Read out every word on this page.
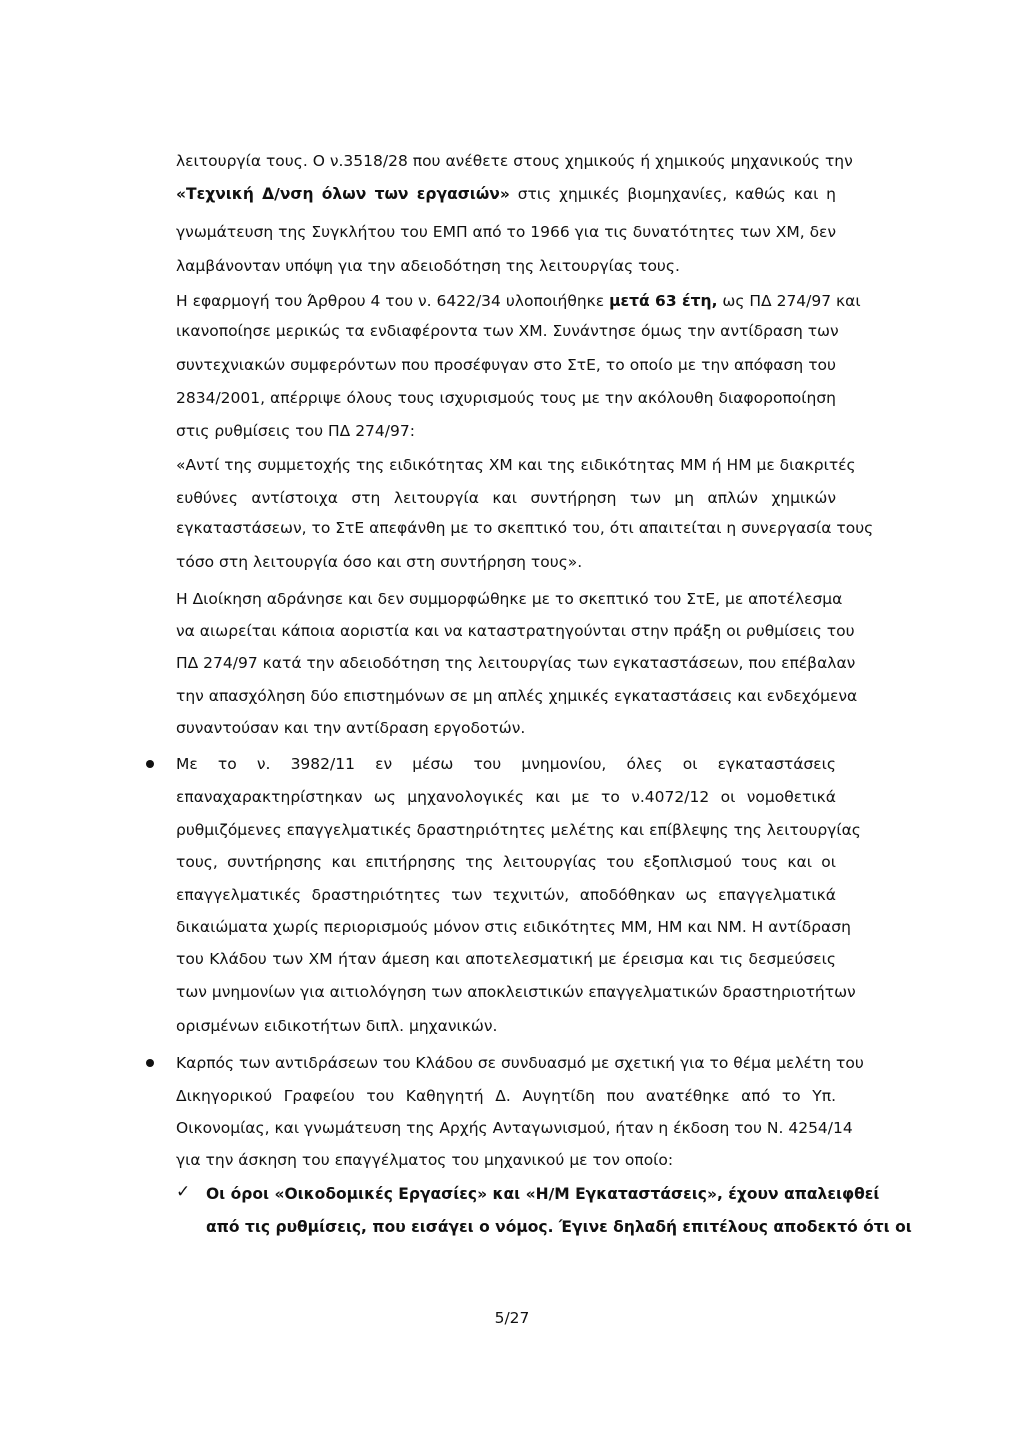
λειτουργία τους. Ο ν.3518/28 που ανέθετε στους χημικούς ή χημικούς μηχανικούς την
«Τεχνική Δ/νση όλων των εργασιών» στις χημικές βιομηχανίες, καθώς και η
γνωμάτευση της Συγκλήτου του ΕΜΠ από το 1966 για τις δυνατότητες των ΧΜ, δεν
λαμβάνονταν υπόψη για την αδειοδότηση της λειτουργίας τους.
Η εφαρμογή του Άρθρου 4 του ν. 6422/34 υλοποιήθηκε μετά 63 έτη, ως ΠΔ 274/97 και
ικανοποίησε μερικώς τα ενδιαφέροντα των ΧΜ. Συνάντησε όμως την αντίδραση των
συντεχνιακών συμφερόντων που προσέφυγαν στο ΣτΕ, το οποίο με την απόφαση του
2834/2001, απέρριψε όλους τους ισχυρισμούς τους με την ακόλουθη διαφοροποίηση
στις ρυθμίσεις του ΠΔ 274/97:
«Αντί της συμμετοχής της ειδικότητας ΧΜ και της ειδικότητας ΜΜ ή ΗΜ με διακριτές
ευθύνες αντίστοιχα στη λειτουργία και συντήρηση των μη απλών χημικών
εγκαταστάσεων, το ΣτΕ απεφάνθη με το σκεπτικό του, ότι απαιτείται η συνεργασία τους
τόσο στη λειτουργία όσο και στη συντήρηση τους».
Η Διοίκηση αδράνησε και δεν συμμορφώθηκε με το σκεπτικό του ΣτΕ, με αποτέλεσμα
να αιωρείται κάποια αοριστία και να καταστρατηγούνται στην πράξη οι ρυθμίσεις του
ΠΔ 274/97 κατά την αδειοδότηση της λειτουργίας των εγκαταστάσεων, που επέβαλαν
την απασχόληση δύο επιστημόνων σε μη απλές χημικές εγκαταστάσεις και ενδεχόμενα
συναντούσαν και την αντίδραση εργοδοτών.
Με το ν. 3982/11 εν μέσω του μνημονίου, όλες οι εγκαταστάσεις
επαναχαρακτηρίστηκαν ως μηχανολογικές και με το ν.4072/12 οι νομοθετικά
ρυθμιζόμενες επαγγελματικές δραστηριότητες μελέτης και επίβλεψης της λειτουργίας
τους, συντήρησης και επιτήρησης της λειτουργίας του εξοπλισμού τους και οι
επαγγελματικές δραστηριότητες των τεχνιτών, αποδόθηκαν ως επαγγελματικά
δικαιώματα χωρίς περιορισμούς μόνον στις ειδικότητες ΜΜ, ΗΜ και ΝΜ. Η αντίδραση
του Κλάδου των ΧΜ ήταν άμεση και αποτελεσματική με έρεισμα και τις δεσμεύσεις
των μνημονίων για αιτιολόγηση των αποκλειστικών επαγγελματικών δραστηριοτήτων
ορισμένων ειδικοτήτων διπλ. μηχανικών.
Καρπός των αντιδράσεων του Κλάδου σε συνδυασμό με σχετική για το θέμα μελέτη του
Δικηγορικού Γραφείου του Καθηγητή Δ. Αυγητίδη που ανατέθηκε από το Υπ.
Οικονομίας, και γνωμάτευση της Αρχής Ανταγωνισμού, ήταν η έκδοση του Ν. 4254/14
για την άσκηση του επαγγέλματος του μηχανικού με τον οποίο:
✓ Οι όροι «Οικοδομικές Εργασίες» και «Η/Μ Εγκαταστάσεις», έχουν απαλειφθεί
από τις ρυθμίσεις, που εισάγει ο νόμος. Έγινε δηλαδή επιτέλους αποδεκτό ότι οι
5/27
